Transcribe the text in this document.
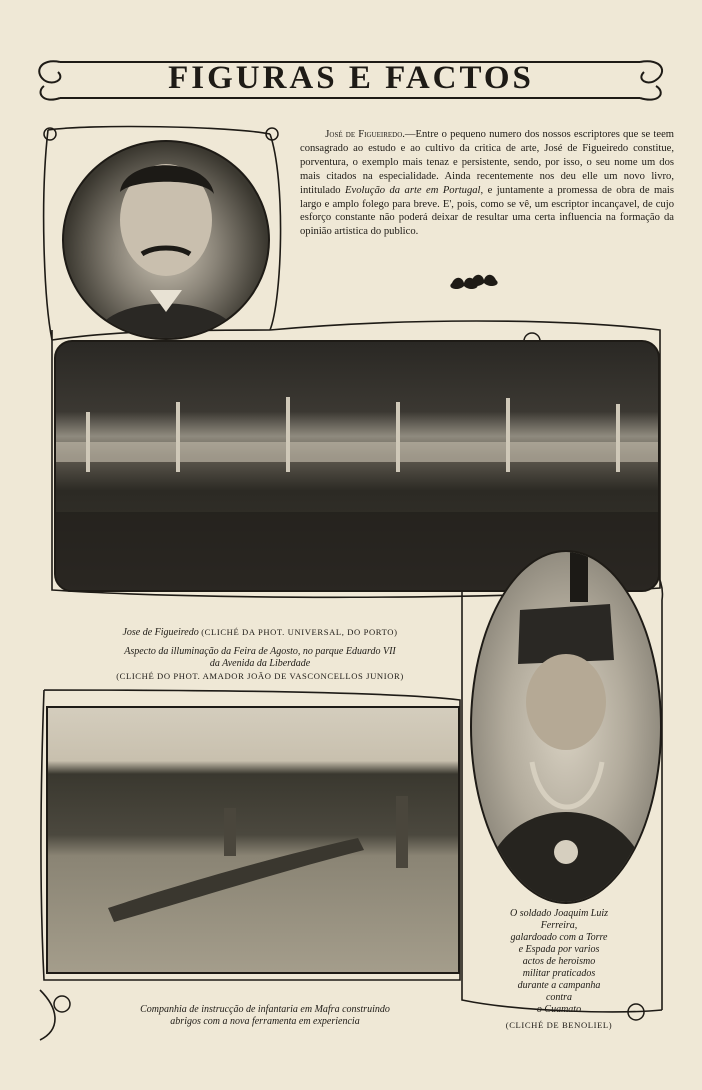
FIGURAS E FACTOS
José de Figueiredo.—Entre o pequeno numero dos nossos escriptores que se teem consagrado ao estudo e ao cultivo da critica de arte, José de Figueiredo constitue, porventura, o exemplo mais tenaz e persistente, sendo, por isso, o seu nome um dos mais citados na especialidade. Ainda recentemente nos deu elle um novo livro, intitulado Evolução da arte em Portugal, e juntamente a promessa de obra de mais largo e amplo folego para breve. E', pois, como se vê, um escriptor incançavel, de cujo esforço constante não poderá deixar de resultar uma certa influencia na formação da opinião artistica do publico.
Jose de Figueiredo (CLICHÉ DA PHOT. UNIVERSAL, DO PORTO)
Aspecto da illuminação da Feira de Agosto, no parque Eduardo VII
da Avenida da Liberdade
(CLICHÉ DO PHOT. AMADOR JOÃO DE VASCONCELLOS JUNIOR)
O soldado Joaquim Luiz
Ferreira,
galardoado com a Torre
e Espada por varios
actos de heroismo
militar praticados
durante a campanha
contra
o Cuamato
(CLICHÉ DE BENOLIEL)
Companhia de instrucção de infantaria em Mafra construindo
abrigos com a nova ferramenta em experiencia
